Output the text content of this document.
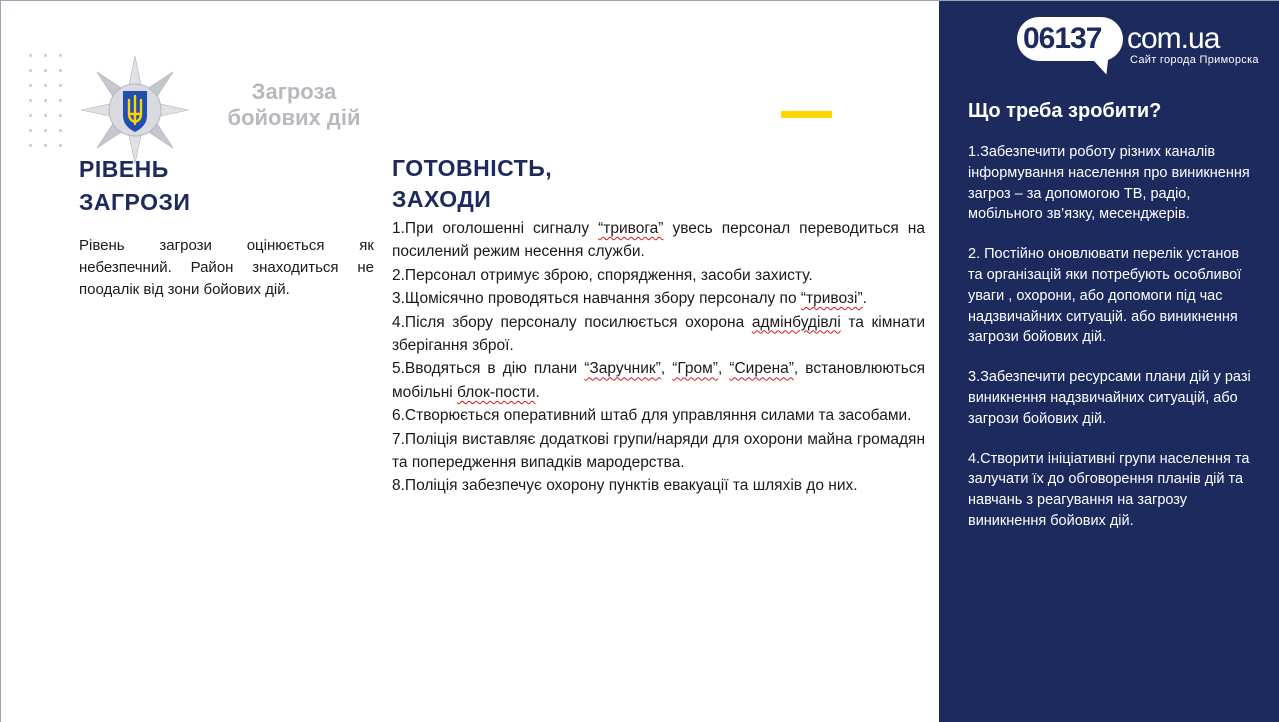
Загроза бойових дій
РІВЕНЬ
ЗАГРОЗИ
Рівень загрози оцінюється як небезпечний. Район знаходиться не поодалік від зони бойових дій.
ГОТОВНІСТЬ,
ЗАХОДИ

1.При оголошенні сигналу “тривога” увесь персонал переводиться на посилений режим несення служби.

2.Персонал отримує зброю, спорядження, засоби захисту.

3.Щомісячно проводяться навчання збору персоналу по “тривозі”.

4.Після збору персоналу посилюється охорона адмінбудівлі та кімнати зберігання зброї.

5.Вводяться в дію плани “Заручник”, “Гром”, “Сирена”, встановлюються мобільні блок-пости.

6.Створюється оперативний штаб для управляння силами та засобами.

7.Поліція виставляє додаткові групи/наряди для охорони майна громадян та попередження випадків мародерства.

8.Поліція забезпечує охорону пунктів евакуації та шляхів до них.

06137 com.ua
Сайт города Приморска
Що треба зробити?

1.Забезпечити роботу різних каналів інформування населення про виникнення загроз – за допомогою ТВ, радіо, мобільного зв’язку, месенджерів.

2. Постійно оновлювати перелік установ та організацій яки потребують особливої уваги , охорони, або допомоги під час надзвичайних ситуацій. або виникнення загрози бойових дій.

3.Забезпечити ресурсами плани дій у разі виникнення надзвичайних ситуацій, або загрози бойових дій.

4.Створити ініціативні групи населення та залучати їх до обговорення планів дій та навчань з реагування на загрозу виникнення бойових дій.
